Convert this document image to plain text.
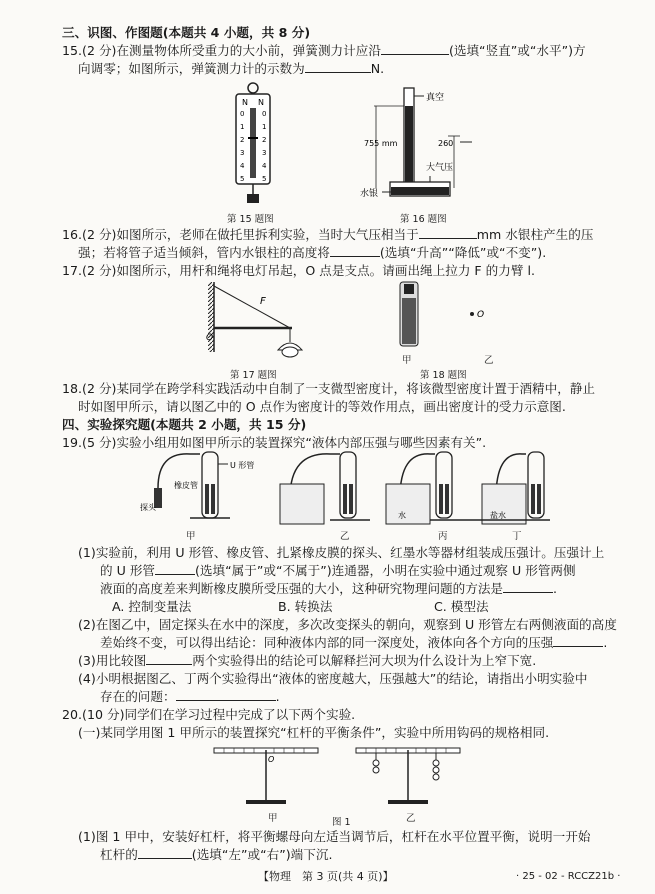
三、识图、作图题(本题共 4 小题，共 8 分)
15.(2 分)在测量物体所受重力的大小前，弹簧测力计应沿	(选填“竖直”或“水平”)方
向调零；如图所示，弹簧测力计的示数为	N.
N N
0	0
1	1
2	2
3	3
4	4
5	5
第 15 题图
真空
755 mm	260
大气压
水银
第 16 题图
16.(2 分)如图所示，老师在做托里拆利实验，当时大气压相当于	mm 水银柱产生的压
强；若将管子适当倾斜，管内水银柱的高度将	(选填“升高”“降低”或“不变”).
17.(2 分)如图所示，用杆和绳将电灯吊起，O 点是支点。请画出绳上拉力 F 的力臂 l.
F
O
第 17 题图
O
甲	乙
第 18 题图
18.(2 分)某同学在跨学科实践活动中自制了一支微型密度计，将该微型密度计置于酒精中，静止
时如图甲所示，请以图乙中的 O 点作为密度计的等效作用点，画出密度计的受力示意图.
四、实验探究题(本题共 2 小题，共 15 分)
19.(5 分)实验小组用如图甲所示的装置探究“液体内部压强与哪些因素有关”.
U 形管
橡皮管
探头
水	盐水
甲	乙	丙	丁
(1)实验前，利用 U 形管、橡皮管、扎紧橡皮膜的探头、红墨水等器材组装成压强计。压强计上
的 U 形管	(选填“属于”或“不属于”)连通器，小明在实验中通过观察 U 形管两侧
液面的高度差来判断橡皮膜所受压强的大小，这种研究物理问题的方法是	.
A. 控制变量法	B. 转换法	C. 模型法
(2)在图乙中，固定探头在水中的深度，多次改变探头的朝向，观察到 U 形管左右两侧液面的高度
差始终不变，可以得出结论：同种液体内部的同一深度处，液体向各个方向的压强	.
(3)用比较图	两个实验得出的结论可以解释拦河大坝为什么设计为上窄下宽.
(4)小明根据图乙、丁两个实验得出“液体的密度越大，压强越大”的结论，请指出小明实验中
存在的问题：	.
20.(10 分)同学们在学习过程中完成了以下两个实验.
(一)某同学用图 1 甲所示的装置探究“杠杆的平衡条件”，实验中所用钩码的规格相同.
O
甲	乙
图 1
(1)图 1 甲中，安装好杠杆，将平衡螺母向左适当调节后，杠杆在水平位置平衡，说明一开始
杠杆的	(选填“左”或“右”)端下沉.
【物理　第 3 页(共 4 页)】	· 25 - 02 - RCCZ21b ·
